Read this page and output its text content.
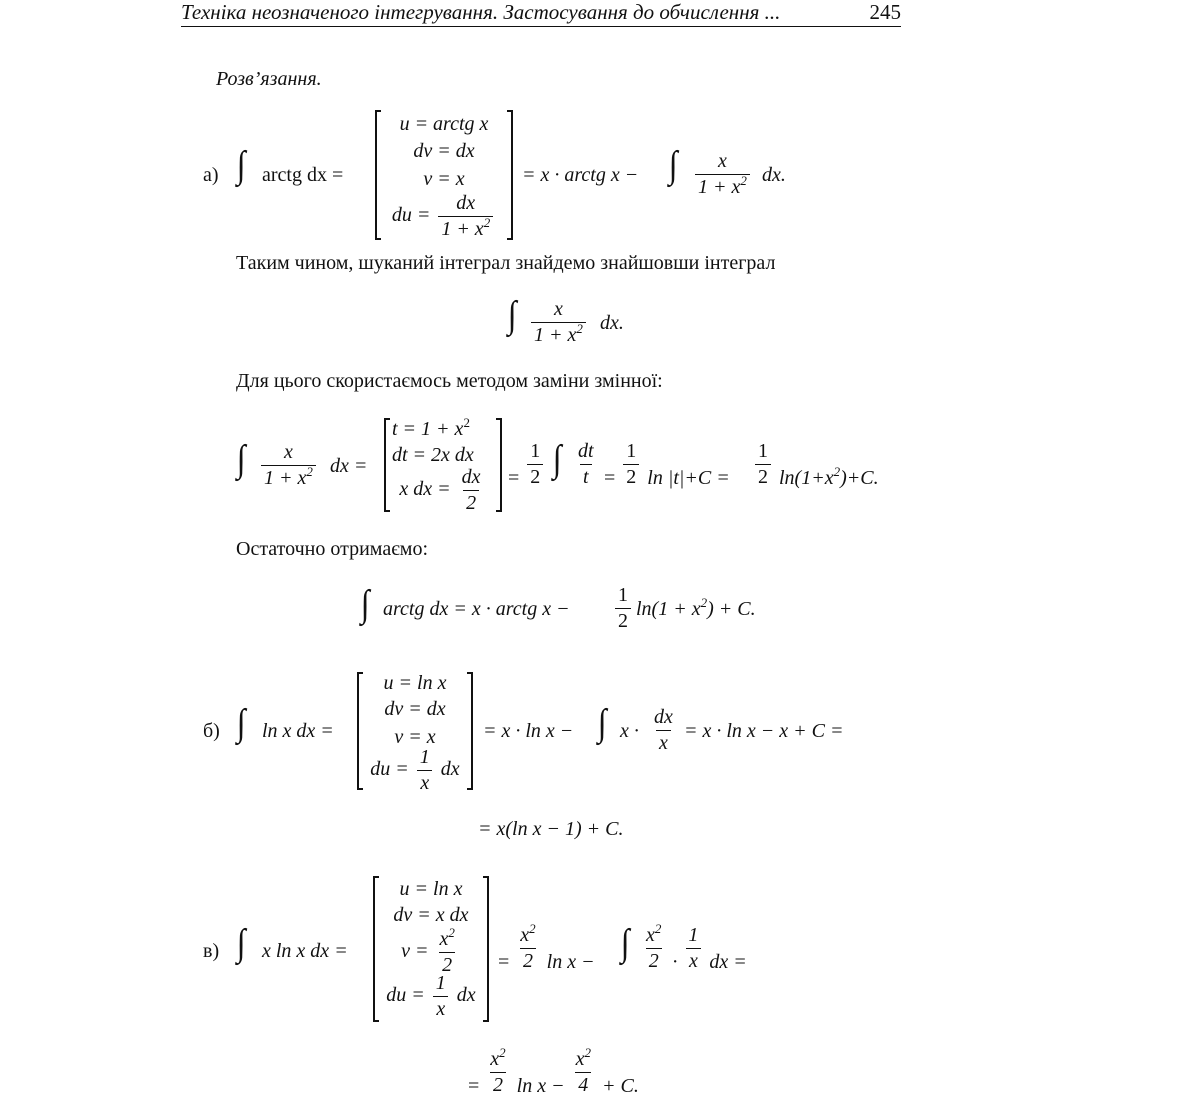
Техніка неозначеного інтегрування. Застосування до обчислення ...	245
Розв’язання.
а) ∫ arctg dx =
u = arctg x
dv = dx
v = x
du = $\frac{dx}{1 + x^2}$
= x · arctg x − ∫ $\frac{x}{1 + x^2}$ dx.
Таким чином, шуканий інтеграл знайдемо знайшовши інтеграл
∫ $\frac{x}{1 + x^2}$ dx.
Для цього скористаємось методом заміни змінної:
∫ $\frac{x}{1 + x^2}$ dx =
$t = 1 + x^2$
dt = 2x dx
x dx = $\frac{dx}{2} = \frac{1}{2}$ ∫ $\frac{dt}{t} = \frac{1}{2}$ $\ln |t|+C = \frac{1}{2} \ln(1+x^2)+C$.
Остаточно отримаємо:
∫ arctg dx = x · arctg $x - \frac{1}{2} \ln(1 + x^2) + C$.
б) ∫ ln x dx =
u = ln x
dv = dx
v = x
du = $\frac{1}{x}$ dx
= x · ln x − ∫ $x \cdot \frac{dx}{x} = x \cdot \ln x - x + C$ =
= x(ln x − 1) + C.
в) ∫ x ln x dx =
u = ln x
dv = x dx
$v = \frac{x^2}{2}$
du = $\frac{1}{x}$ dx
= $\frac{x^2}{2}$ ln x − ∫ $\frac{x^2}{2} \cdot \frac{1}{x}$ dx =
= $\frac{x^2}{2}$ $\ln x - \frac{x^2}{4} + C$.
